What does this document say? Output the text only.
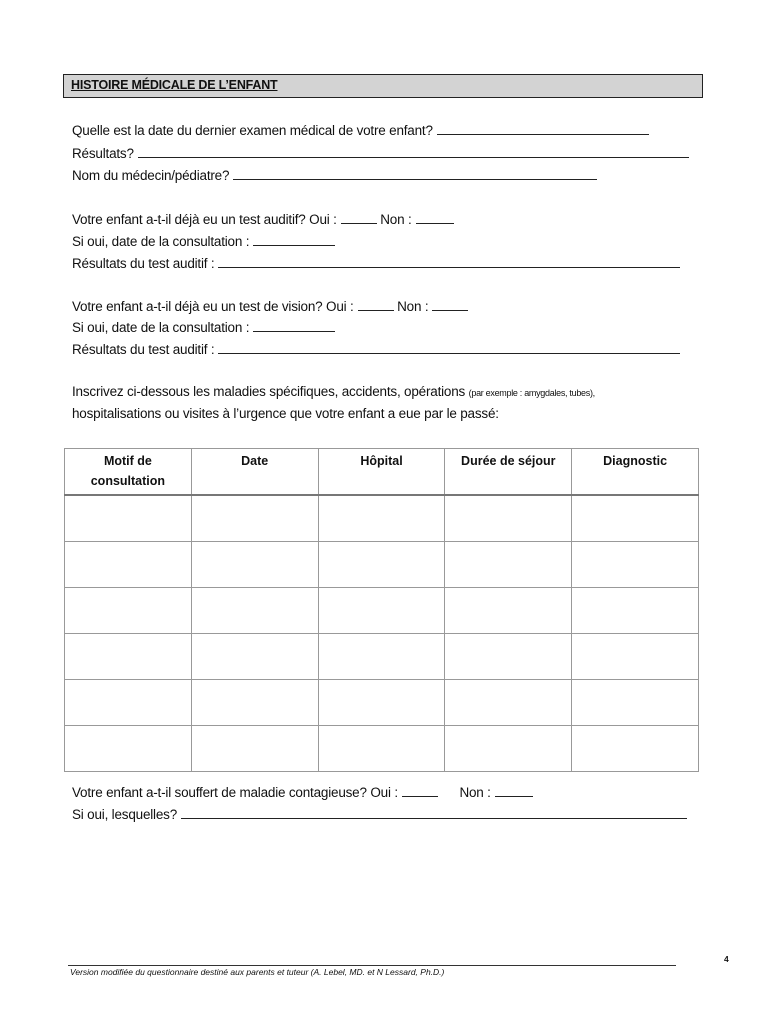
HISTOIRE MÉDICALE DE L’ENFANT
Quelle est la date du dernier examen médical de votre enfant?
Résultats?
Nom du médecin/pédiatre?
Votre enfant a-t-il déjà eu un test auditif? Oui :	Non :
Si oui, date de la consultation :
Résultats du test auditif :
Votre enfant a-t-il déjà eu un test de vision? Oui :	Non :
Si oui, date de la consultation :
Résultats du test auditif :
Inscrivez ci-dessous les maladies spécifiques, accidents, opérations (par exemple : amygdales, tubes),
hospitalisations ou visites à l’urgence que votre enfant a eue par le passé:
Motif de consultation	Date	Hôpital	Durée de séjour	Diagnostic

Votre enfant a-t-il souffert de maladie contagieuse? Oui :	Non :
Si oui, lesquelles?
Version modifiée du questionnaire destiné aux parents et tuteur (A. Lebel, MD. et N Lessard, Ph.D.)
4
